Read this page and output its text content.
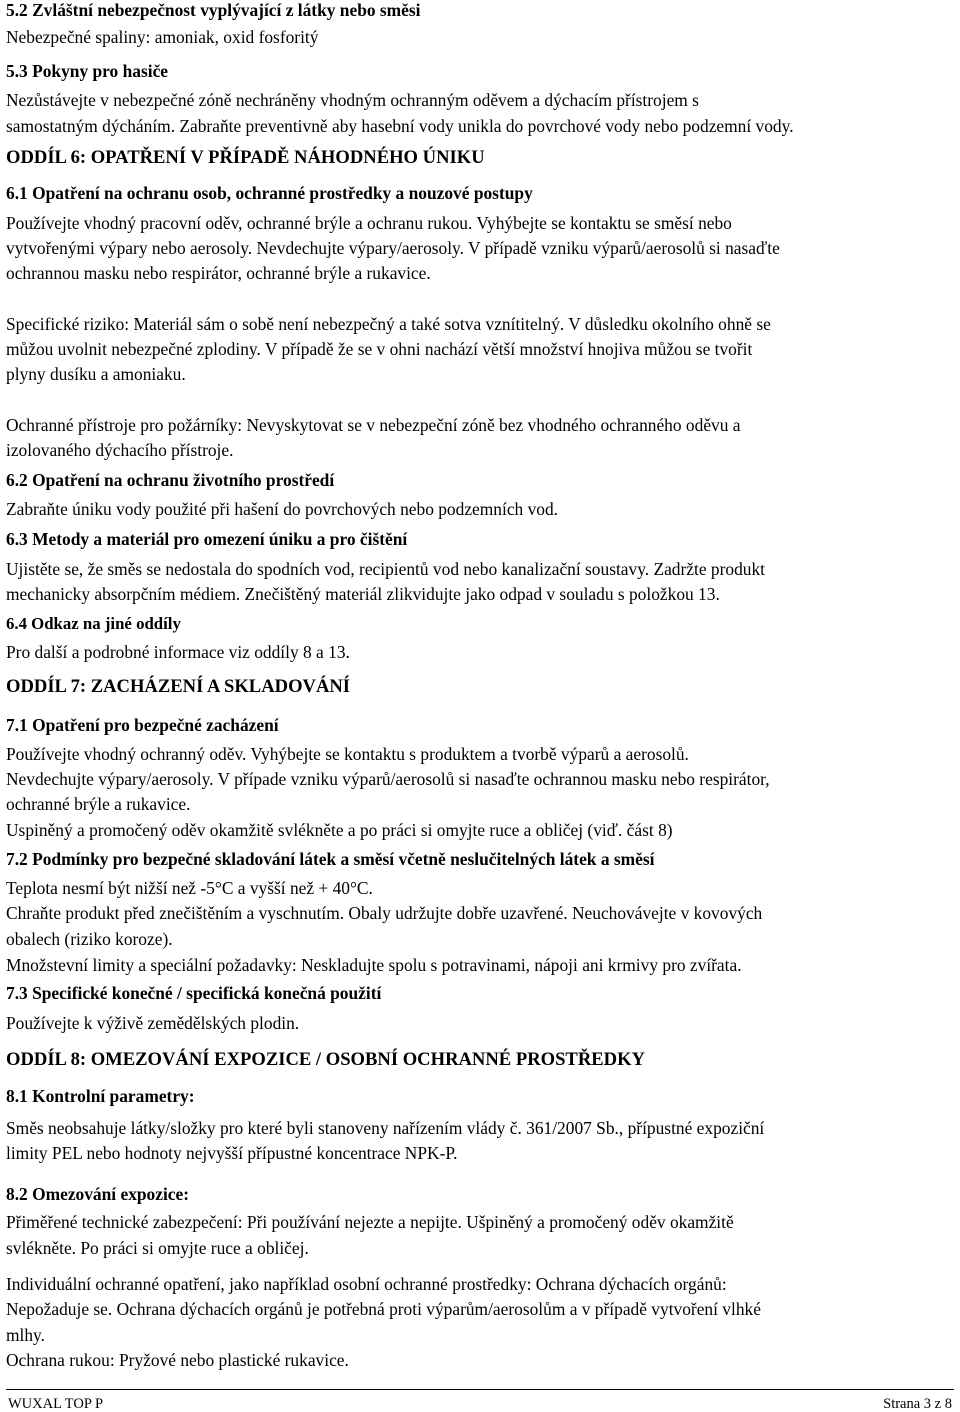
5.2 Zvláštní nebezpečnost vyplývající z látky nebo směsi
Nebezpečné spaliny: amoniak, oxid fosforitý
5.3 Pokyny pro hasiče
Nezůstávejte v nebezpečné zóně nechráněny vhodným ochranným oděvem a dýchacím přístrojem s
samostatným dýcháním. Zabraňte preventivně aby hasební vody unikla do povrchové vody nebo podzemní vody.
ODDÍL 6: OPATŘENÍ V PŘÍPADĚ NÁHODNÉHO ÚNIKU
6.1 Opatření na ochranu osob, ochranné prostředky a nouzové postupy
Používejte vhodný pracovní oděv, ochranné brýle a ochranu rukou. Vyhýbejte se kontaktu se směsí nebo
vytvořenými výpary nebo aerosoly. Nevdechujte výpary/aerosoly. V případě vzniku výparů/aerosolů si nasaďte
ochrannou masku nebo respirátor, ochranné brýle a rukavice.
Specifické riziko: Materiál sám o sobě není nebezpečný a také sotva vznítitelný. V důsledku okolního ohně se
můžou uvolnit nebezpečné zplodiny. V případě že se v ohni nachází větší množství hnojiva můžou se tvořit
plyny dusíku a amoniaku.
Ochranné přístroje pro požárníky: Nevyskytovat se v nebezpeční zóně bez vhodného ochranného oděvu a
izolovaného dýchacího přístroje.
6.2 Opatření na ochranu životního prostředí
Zabraňte úniku vody použité při hašení do povrchových nebo podzemních vod.
6.3 Metody a materiál pro omezení úniku a pro čištění
Ujistěte se, že směs se nedostala do spodních vod, recipientů vod nebo kanalizační soustavy. Zadržte produkt
mechanicky absorpčním médiem. Znečištěný materiál zlikvidujte jako odpad v souladu s položkou 13.
6.4 Odkaz na jiné oddíly
Pro další a podrobné informace viz oddíly 8 a 13.
ODDÍL 7: ZACHÁZENÍ A SKLADOVÁNÍ
7.1 Opatření pro bezpečné zacházení
Používejte vhodný ochranný oděv. Vyhýbejte se kontaktu s produktem a tvorbě výparů a aerosolů.
Nevdechujte výpary/aerosoly. V případe vzniku výparů/aerosolů si nasaďte ochrannou masku nebo respirátor,
ochranné brýle a rukavice.
Uspiněný a promočený oděv okamžitě svlékněte a po práci si omyjte ruce a obličej (viď. část 8)
7.2 Podmínky pro bezpečné skladování látek a směsí včetně neslučitelných látek a směsí
Teplota nesmí být nižší než -5°C a vyšší než + 40°C.
Chraňte produkt před znečištěním a vyschnutím. Obaly udržujte dobře uzavřené. Neuchovávejte v kovových
obalech (riziko koroze).
Množstevní limity a speciální požadavky: Neskladujte spolu s potravinami, nápoji ani krmivy pro zvířata.
7.3 Specifické konečné / specifická konečná použití
Používejte k výživě zemědělských plodin.
ODDÍL 8: OMEZOVÁNÍ EXPOZICE / OSOBNÍ OCHRANNÉ PROSTŘEDKY
8.1 Kontrolní parametry:
Směs neobsahuje látky/složky pro které byli stanoveny nařízením vlády č. 361/2007 Sb., přípustné expoziční
limity PEL nebo hodnoty nejvyšší přípustné koncentrace NPK-P.
8.2 Omezování expozice:
Přiměřené technické zabezpečení: Při používání nejezte a nepijte. Ušpiněný a promočený oděv okamžitě
svlékněte. Po práci si omyjte ruce a obličej.
Individuální ochranné opatření, jako například osobní ochranné prostředky: Ochrana dýchacích orgánů:
Nepožaduje se. Ochrana dýchacích orgánů je potřebná proti výparům/aerosolům a v případě vytvoření vlhké
mlhy.
Ochrana rukou: Pryžové nebo plastické rukavice.
WUXAL TOP P	Strana 3 z 8
